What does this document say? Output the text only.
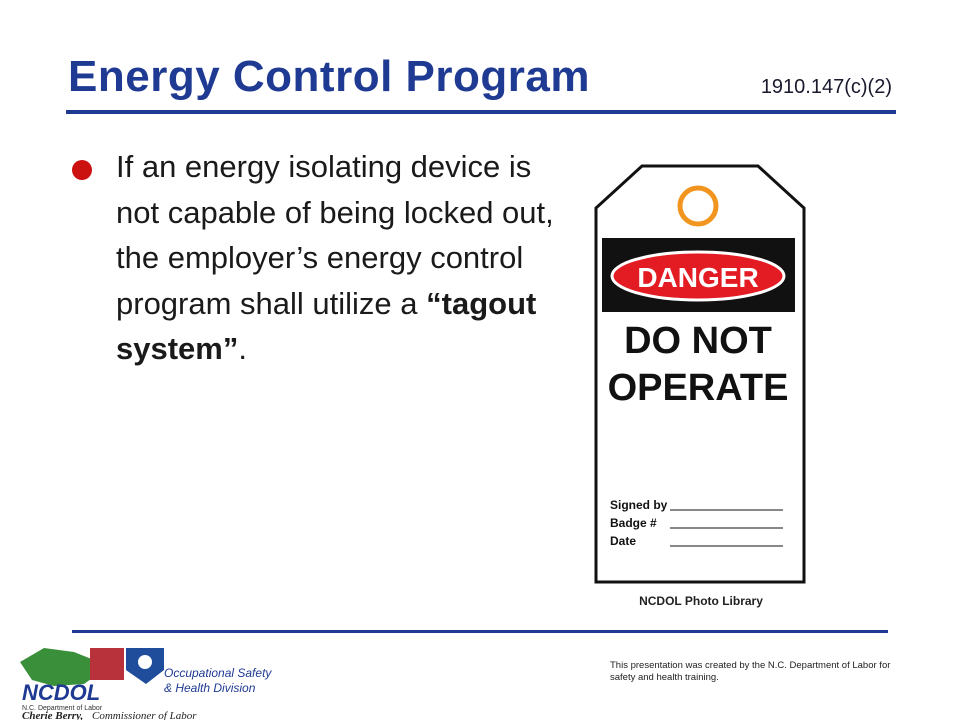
Energy Control Program	1910.147(c)(2)
If an energy isolating device is not capable of being locked out, the employer’s energy control program shall utilize a “tagout system”.
DANGER
DO NOT
OPERATE
Signed by
Badge #
Date
NCDOL Photo Library
NCDOL
N.C. Department of Labor
Occupational Safety
& Health Division
Cherie Berry, Commissioner of Labor
This presentation was created by the N.C. Department of Labor for safety and health training.
